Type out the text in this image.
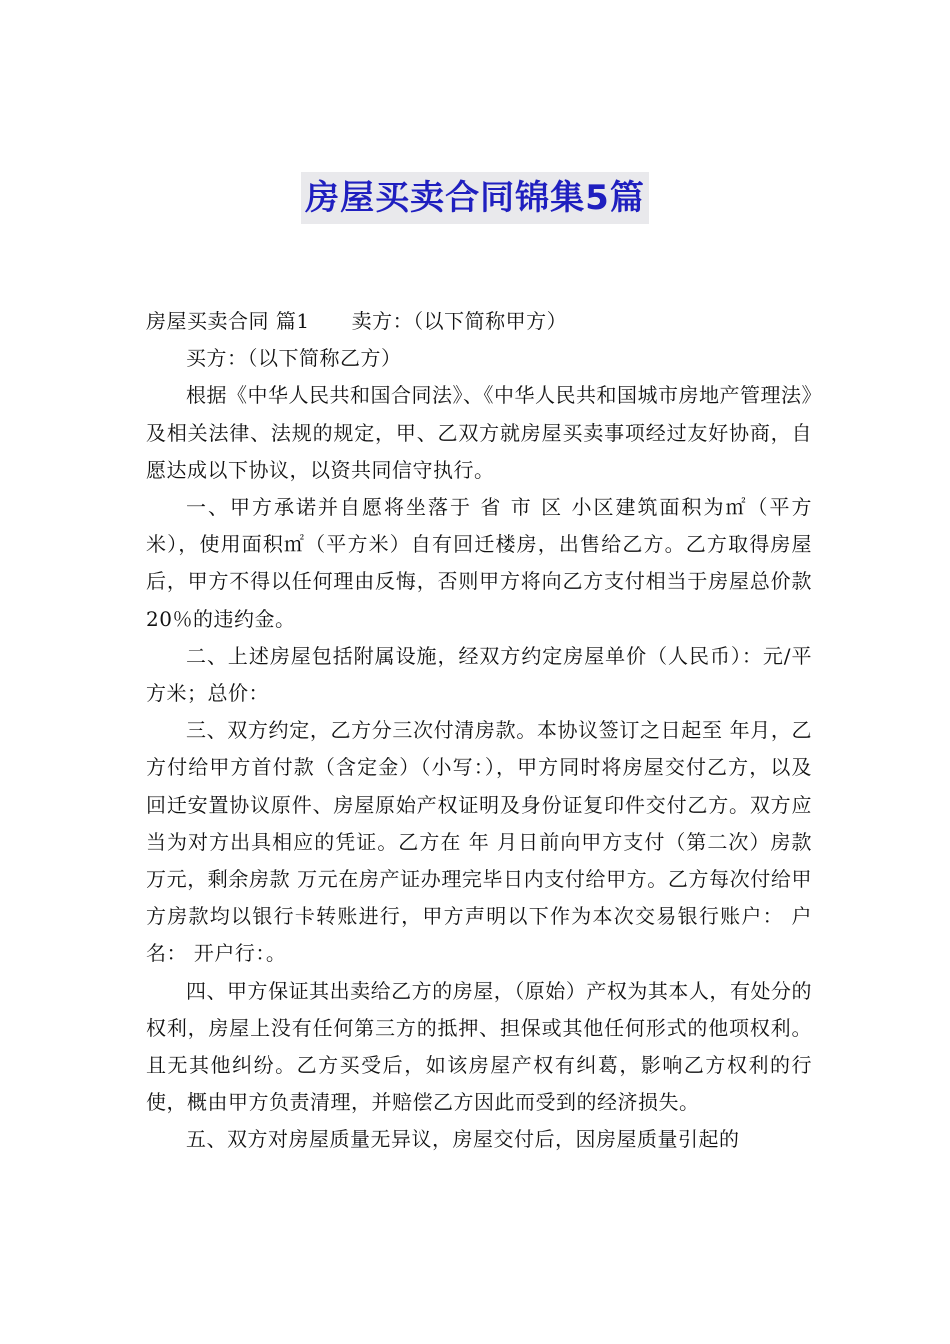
房屋买卖合同锦集5篇

房屋买卖合同 篇1 卖方：（以下简称甲方）

买方：（以下简称乙方）

根据《中华人民共和国合同法》、《中华人民共和国城市房地产管理法》及相关法律、法规的规定，甲、乙双方就房屋买卖事项经过友好协商，自愿达成以下协议，以资共同信守执行。

一、甲方承诺并自愿将坐落于 省 市 区 小区建筑面积为㎡（平方米），使用面积㎡（平方米）自有回迁楼房，出售给乙方。乙方取得房屋后，甲方不得以任何理由反悔，否则甲方将向乙方支付相当于房屋总价款20％的违约金。

二、上述房屋包括附属设施，经双方约定房屋单价（人民币）：元/平方米；总价：

三、双方约定，乙方分三次付清房款。本协议签订之日起至 年月，乙方付给甲方首付款（含定金）（小写：），甲方同时将房屋交付乙方，以及回迁安置协议原件、房屋原始产权证明及身份证复印件交付乙方。双方应当为对方出具相应的凭证。乙方在 年 月日前向甲方支付（第二次）房款 万元，剩余房款 万元在房产证办理完毕日内支付给甲方。乙方每次付给甲方房款均以银行卡转账进行，甲方声明以下作为本次交易银行账户： 户名： 开户行：。

四、甲方保证其出卖给乙方的房屋，（原始）产权为其本人，有处分的权利，房屋上没有任何第三方的抵押、担保或其他任何形式的他项权利。且无其他纠纷。乙方买受后，如该房屋产权有纠葛，影响乙方权利的行使，概由甲方负责清理，并赔偿乙方因此而受到的经济损失。

五、双方对房屋质量无异议，房屋交付后，因房屋质量引起的
